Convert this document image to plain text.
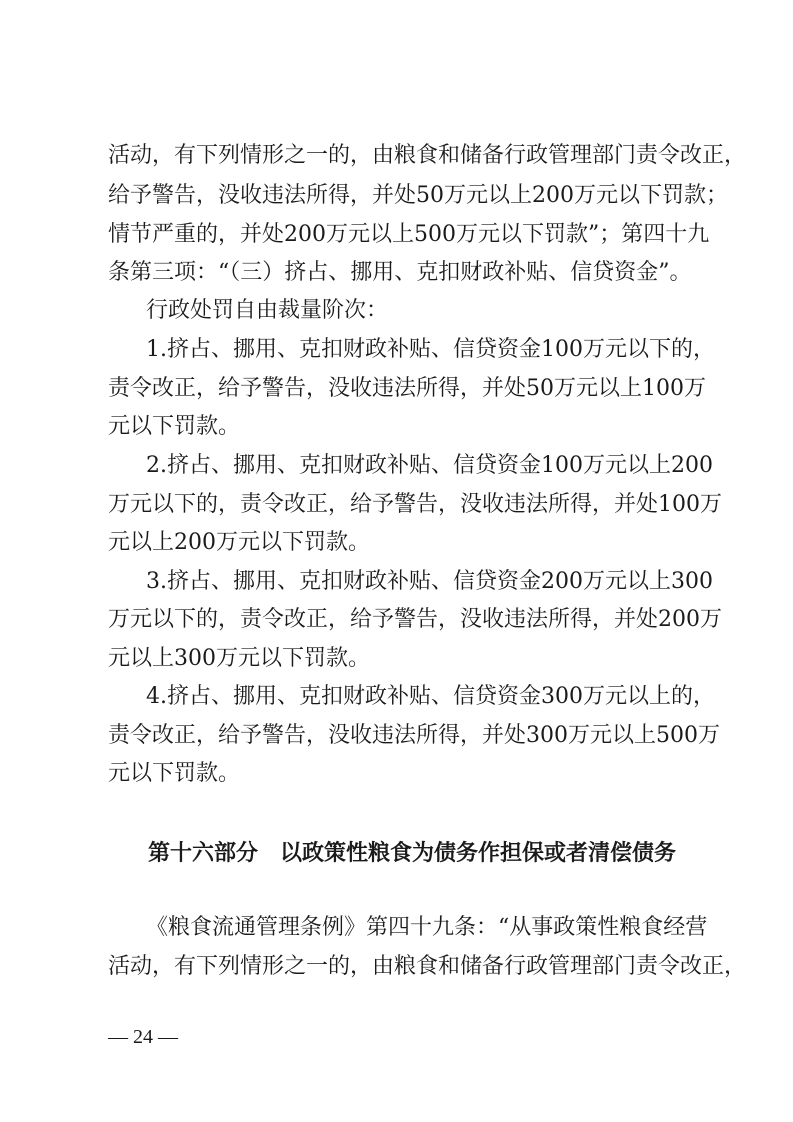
活动，有下列情形之一的，由粮食和储备行政管理部门责令改正，
给予警告，没收违法所得，并处50万元以上200万元以下罚款；
情节严重的，并处200万元以上500万元以下罚款”；第四十九
条第三项：“（三）挤占、挪用、克扣财政补贴、信贷资金”。
行政处罚自由裁量阶次：
1.挤占、挪用、克扣财政补贴、信贷资金100万元以下的，
责令改正，给予警告，没收违法所得，并处50万元以上100万
元以下罚款。
2.挤占、挪用、克扣财政补贴、信贷资金100万元以上200
万元以下的，责令改正，给予警告，没收违法所得，并处100万
元以上200万元以下罚款。
3.挤占、挪用、克扣财政补贴、信贷资金200万元以上300
万元以下的，责令改正，给予警告，没收违法所得，并处200万
元以上300万元以下罚款。
4.挤占、挪用、克扣财政补贴、信贷资金300万元以上的，
责令改正，给予警告，没收违法所得，并处300万元以上500万
元以下罚款。
第十六部分　以政策性粮食为债务作担保或者清偿债务
《粮食流通管理条例》第四十九条：“从事政策性粮食经营
活动，有下列情形之一的，由粮食和储备行政管理部门责令改正，
— 24 —
